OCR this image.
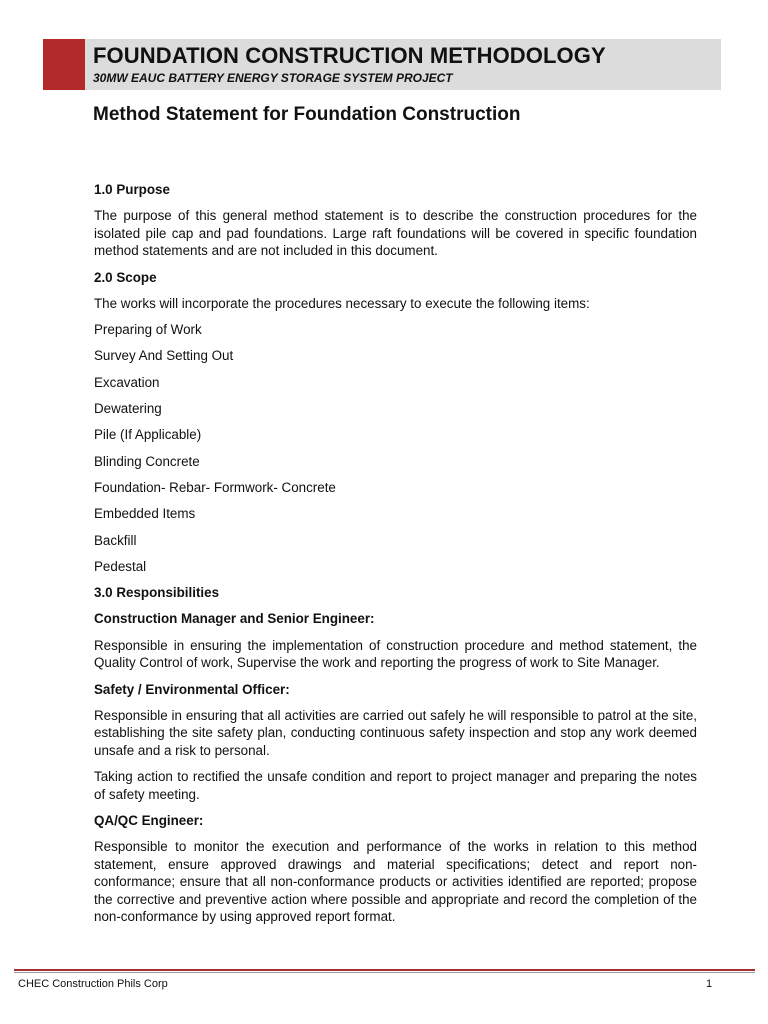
FOUNDATION CONSTRUCTION METHODOLOGY
30MW EAUC BATTERY ENERGY STORAGE SYSTEM PROJECT
Method Statement for Foundation Construction

1.0 Purpose

The purpose of this general method statement is to describe the construction procedures for the isolated pile cap and pad foundations. Large raft foundations will be covered in specific foundation method statements and are not included in this document.

2.0 Scope

The works will incorporate the procedures necessary to execute the following items:

Preparing of Work

Survey And Setting Out

Excavation

Dewatering

Pile (If Applicable)

Blinding Concrete

Foundation- Rebar- Formwork- Concrete

Embedded Items

Backfill

Pedestal

3.0 Responsibilities

Construction Manager and Senior Engineer:

Responsible in ensuring the implementation of construction procedure and method statement, the Quality Control of work, Supervise the work and reporting the progress of work to Site Manager.

Safety / Environmental Officer:

Responsible in ensuring that all activities are carried out safely he will responsible to patrol at the site, establishing the site safety plan, conducting continuous safety inspection and stop any work deemed unsafe and a risk to personal.

Taking action to rectified the unsafe condition and report to project manager and preparing the notes of safety meeting.

QA/QC Engineer:

Responsible to monitor the execution and performance of the works in relation to this method statement, ensure approved drawings and material specifications; detect and report non-conformance; ensure that all non-conformance products or activities identified are reported; propose the corrective and preventive action where possible and appropriate and record the completion of the non-conformance by using approved report format.

CHEC Construction Phils Corp	1
